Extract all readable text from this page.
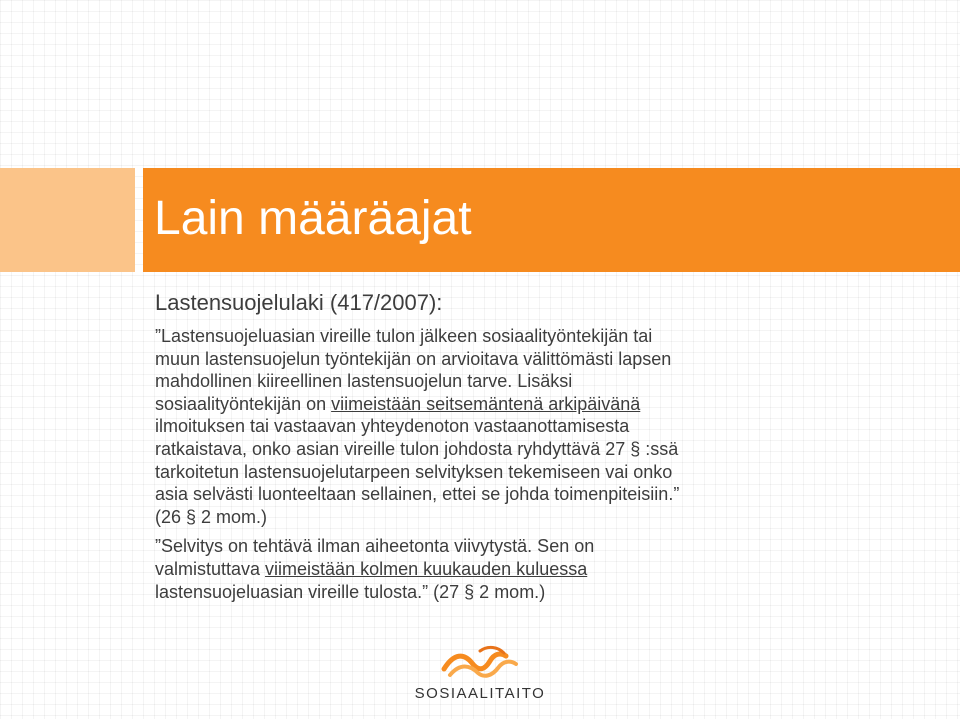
Lain määräajat

Lastensuojelulaki (417/2007):

”Lastensuojeluasian vireille tulon jälkeen sosiaalityöntekijän tai
muun lastensuojelun työntekijän on arvioitava välittömästi lapsen
mahdollinen kiireellinen lastensuojelun tarve. Lisäksi
sosiaalityöntekijän on viimeistään seitsemäntenä arkipäivänä
ilmoituksen tai vastaavan yhteydenoton vastaanottamisesta
ratkaistava, onko asian vireille tulon johdosta ryhdyttävä 27 § :ssä
tarkoitetun lastensuojelutarpeen selvityksen tekemiseen vai onko
asia selvästi luonteeltaan sellainen, ettei se johda toimenpiteisiin.”
(26 § 2 mom.)

”Selvitys on tehtävä ilman aiheetonta viivytystä. Sen on
valmistuttava viimeistään kolmen kuukauden kuluessa
lastensuojeluasian vireille tulosta.” (27 § 2 mom.)

SOSIAALITAITO
